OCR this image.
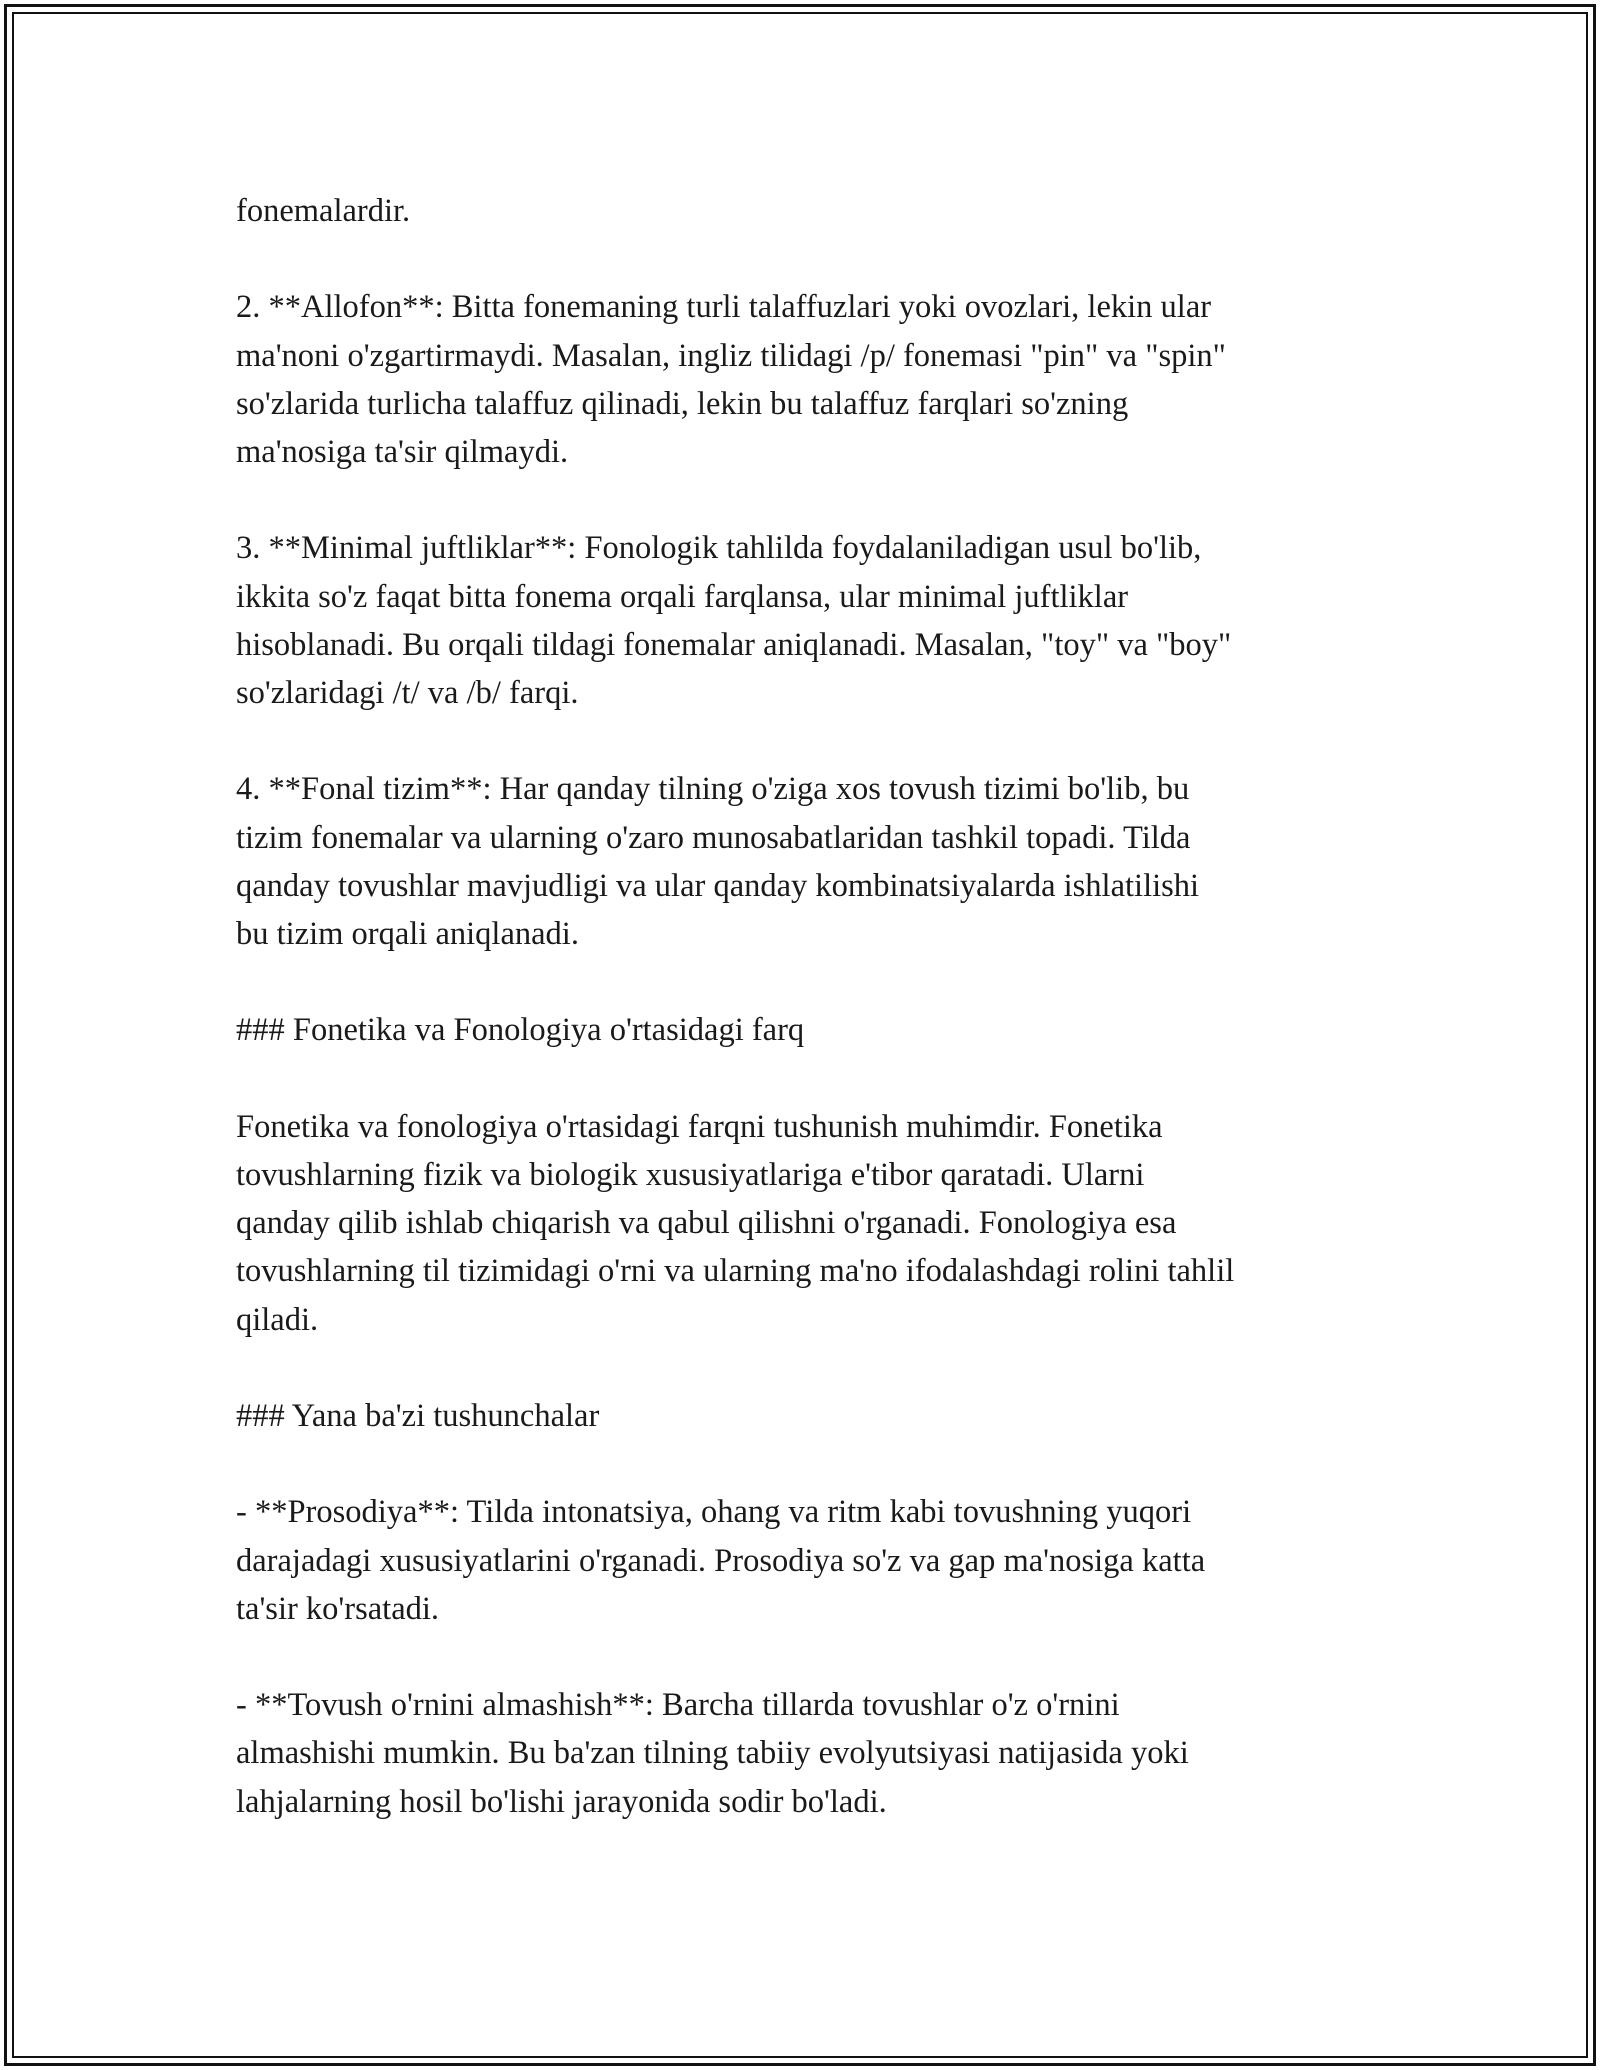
fonemalardir.

2. **Allofon**: Bitta fonemaning turli talaffuzlari yoki ovozlari, lekin ular
ma'noni o'zgartirmaydi. Masalan, ingliz tilidagi /p/ fonemasi "pin" va "spin"
so'zlarida turlicha talaffuz qilinadi, lekin bu talaffuz farqlari so'zning
ma'nosiga ta'sir qilmaydi.

3. **Minimal juftliklar**: Fonologik tahlilda foydalaniladigan usul bo'lib,
ikkita so'z faqat bitta fonema orqali farqlansa, ular minimal juftliklar
hisoblanadi. Bu orqali tildagi fonemalar aniqlanadi. Masalan, "toy" va "boy"
so'zlaridagi /t/ va /b/ farqi.

4. **Fonal tizim**: Har qanday tilning o'ziga xos tovush tizimi bo'lib, bu
tizim fonemalar va ularning o'zaro munosabatlaridan tashkil topadi. Tilda
qanday tovushlar mavjudligi va ular qanday kombinatsiyalarda ishlatilishi
bu tizim orqali aniqlanadi.

### Fonetika va Fonologiya o'rtasidagi farq

Fonetika va fonologiya o'rtasidagi farqni tushunish muhimdir. Fonetika
tovushlarning fizik va biologik xususiyatlariga e'tibor qaratadi. Ularni
qanday qilib ishlab chiqarish va qabul qilishni o'rganadi. Fonologiya esa
tovushlarning til tizimidagi o'rni va ularning ma'no ifodalashdagi rolini tahlil
qiladi.

### Yana ba'zi tushunchalar

- **Prosodiya**: Tilda intonatsiya, ohang va ritm kabi tovushning yuqori
darajadagi xususiyatlarini o'rganadi. Prosodiya so'z va gap ma'nosiga katta
ta'sir ko'rsatadi.

- **Tovush o'rnini almashish**: Barcha tillarda tovushlar o'z o'rnini
almashishi mumkin. Bu ba'zan tilning tabiiy evolyutsiyasi natijasida yoki
lahjalarning hosil bo'lishi jarayonida sodir bo'ladi.
